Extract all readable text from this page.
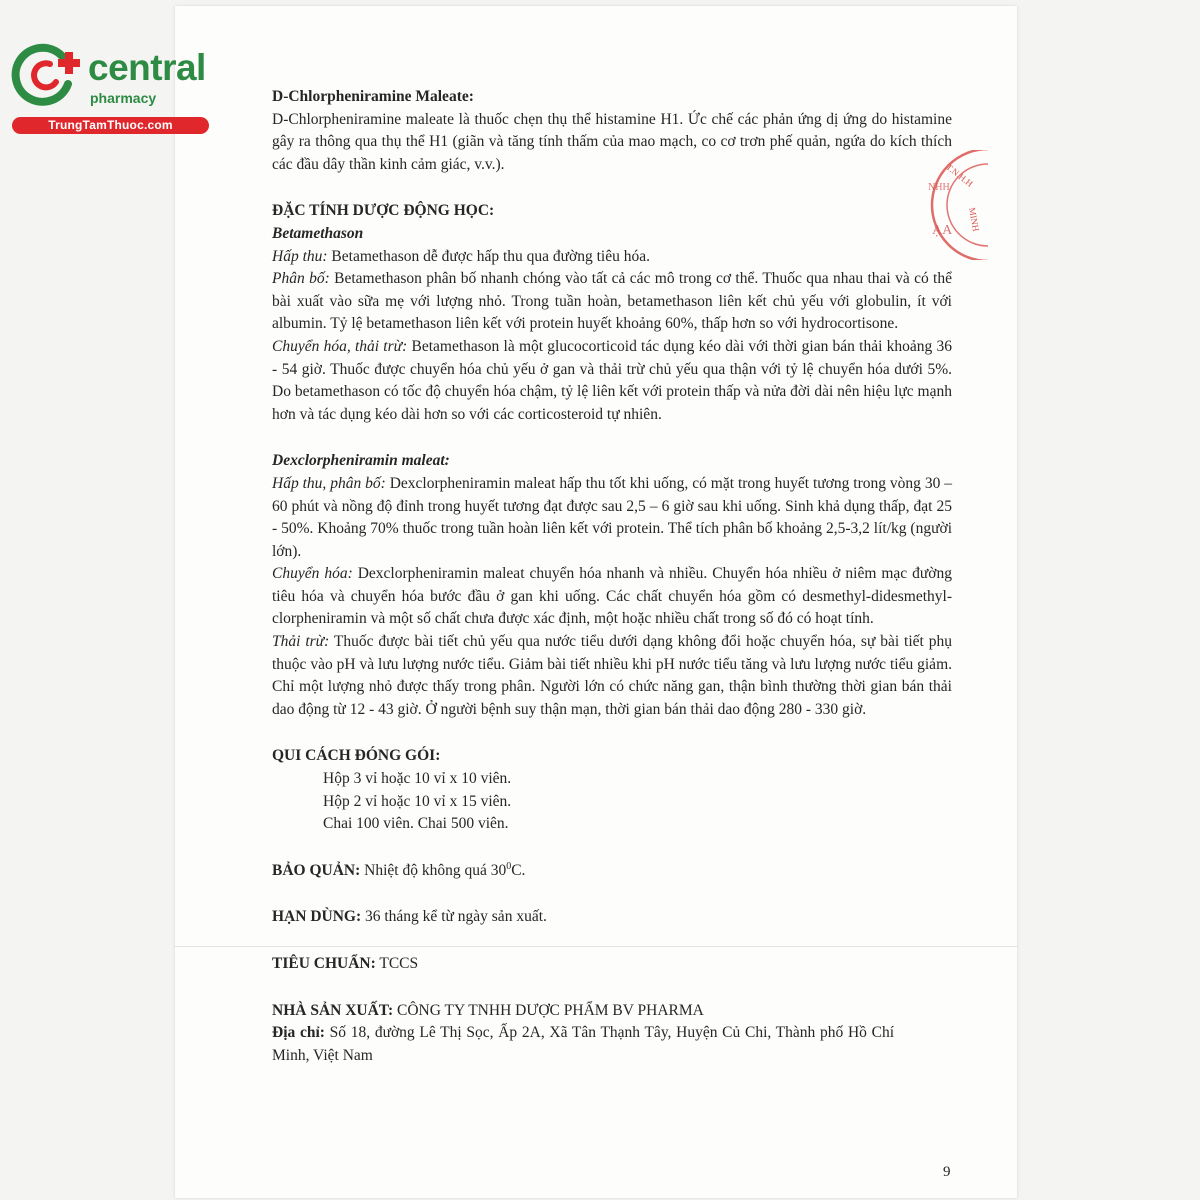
central
pharmacy
TrungTamThuoc.com
T.N.H.H
MINH
NHH
ẠA

D-Chlorpheniramine Maleate:

D-Chlorpheniramine maleate là thuốc chẹn thụ thể histamine H1. Ức chế các phản ứng dị ứng do histamine gây ra thông qua thụ thể H1 (giãn và tăng tính thấm của mao mạch, co cơ trơn phế quản, ngứa do kích thích các đầu dây thần kinh cảm giác, v.v.).

ĐẶC TÍNH DƯỢC ĐỘNG HỌC:

Betamethason

Hấp thu: Betamethason dễ được hấp thu qua đường tiêu hóa.

Phân bố: Betamethason phân bố nhanh chóng vào tất cả các mô trong cơ thể. Thuốc qua nhau thai và có thể bài xuất vào sữa mẹ với lượng nhỏ. Trong tuần hoàn, betamethason liên kết chủ yếu với globulin, ít với albumin. Tỷ lệ betamethason liên kết với protein huyết khoảng 60%, thấp hơn so với hydrocortisone.

Chuyển hóa, thải trừ: Betamethason là một glucocorticoid tác dụng kéo dài với thời gian bán thải khoảng 36 - 54 giờ. Thuốc được chuyển hóa chủ yếu ở gan và thải trừ chủ yếu qua thận với tỷ lệ chuyển hóa dưới 5%. Do betamethason có tốc độ chuyển hóa chậm, tỷ lệ liên kết với protein thấp và nửa đời dài nên hiệu lực mạnh hơn và tác dụng kéo dài hơn so với các corticosteroid tự nhiên.

Dexclorpheniramin maleat:

Hấp thu, phân bố: Dexclorpheniramin maleat hấp thu tốt khi uống, có mặt trong huyết tương trong vòng 30 – 60 phút và nồng độ đỉnh trong huyết tương đạt được sau 2,5 – 6 giờ sau khi uống. Sinh khả dụng thấp, đạt 25 - 50%. Khoảng 70% thuốc trong tuần hoàn liên kết với protein. Thể tích phân bố khoảng 2,5-3,2 lít/kg (người lớn).

Chuyển hóa: Dexclorpheniramin maleat chuyển hóa nhanh và nhiều. Chuyển hóa nhiều ở niêm mạc đường tiêu hóa và chuyển hóa bước đầu ở gan khi uống. Các chất chuyển hóa gồm có desmethyl-didesmethyl-clorpheniramin và một số chất chưa được xác định, một hoặc nhiều chất trong số đó có hoạt tính.

Thải trừ: Thuốc được bài tiết chủ yếu qua nước tiểu dưới dạng không đổi hoặc chuyển hóa, sự bài tiết phụ thuộc vào pH và lưu lượng nước tiểu. Giảm bài tiết nhiều khi pH nước tiểu tăng và lưu lượng nước tiểu giảm. Chỉ một lượng nhỏ được thấy trong phân. Người lớn có chức năng gan, thận bình thường thời gian bán thải dao động từ 12 - 43 giờ. Ở người bệnh suy thận mạn, thời gian bán thải dao động 280 - 330 giờ.

QUI CÁCH ĐÓNG GÓI:

Hộp 3 vỉ hoặc 10 vỉ x 10 viên.

Hộp 2 vỉ hoặc 10 vỉ x 15 viên.

Chai 100 viên. Chai 500 viên.

BẢO QUẢN: Nhiệt độ không quá $30^0C$.

HẠN DÙNG: 36 tháng kể từ ngày sản xuất.

TIÊU CHUẨN: TCCS

NHÀ SẢN XUẤT: CÔNG TY TNHH DƯỢC PHẨM BV PHARMA

Địa chỉ: Số 18, đường Lê Thị Sọc, Ấp 2A, Xã Tân Thạnh Tây, Huyện Củ Chi, Thành phố Hồ Chí Minh, Việt Nam

9
